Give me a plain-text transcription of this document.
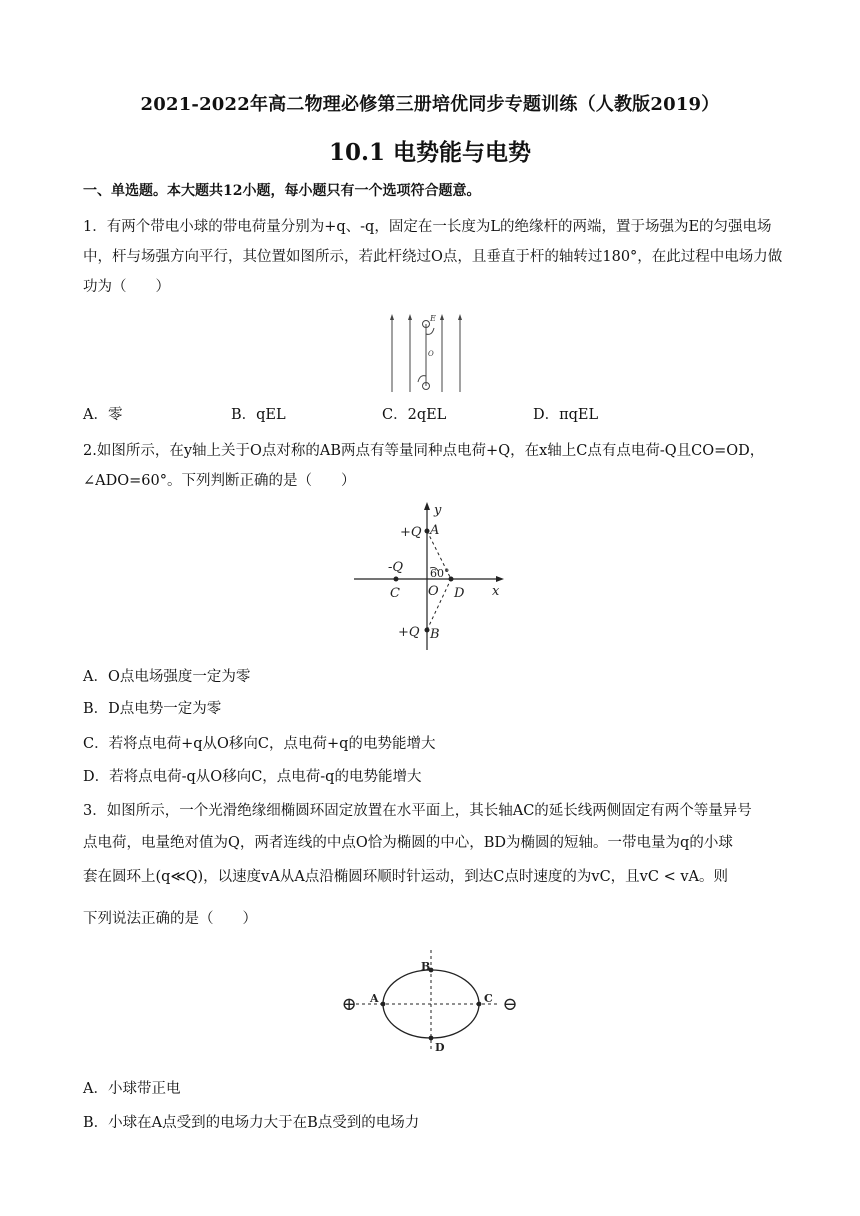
2021-2022年高二物理必修第三册培优同步专题训练（人教版2019）
10.1 电势能与电势
一、单选题。本大题共12小题，每小题只有一个选项符合题意。
1．有两个带电小球的带电荷量分别为+q、-q，固定在一长度为L的绝缘杆的两端，置于场强为E的匀强电场中，杆与场强方向平行，其位置如图所示，若此杆绕过O点，且垂直于杆的轴转过180°，在此过程中电场力做功为（　　）
E
O
A．零	B．qEL	C．2qEL	D．πqEL
2.如图所示，在y轴上关于O点对称的AB两点有等量同种点电荷+Q，在x轴上C点有点电荷-Q且CO=OD，∠ADO=60°。下列判断正确的是（　　）
y
x
+Q A
-Q
C O D
+Q B
60°
A．O点电场强度一定为零
B．D点电势一定为零
C．若将点电荷+q从O移向C，点电荷+q的电势能增大
D．若将点电荷-q从O移向C，点电荷-q的电势能增大
3．如图所示，一个光滑绝缘细椭圆环固定放置在水平面上，其长轴AC的延长线两侧固定有两个等量异号
点电荷，电量绝对值为Q，两者连线的中点O恰为椭圆的中心，BD为椭圆的短轴。一带电量为q的小球
套在圆环上(q≪Q)，以速度vA从A点沿椭圆环顺时针运动，到达C点时速度的为vC，且vC < vA。则
下列说法正确的是（　　）
⊕	⊖
A
B
C
D
A．小球带正电
B．小球在A点受到的电场力大于在B点受到的电场力
